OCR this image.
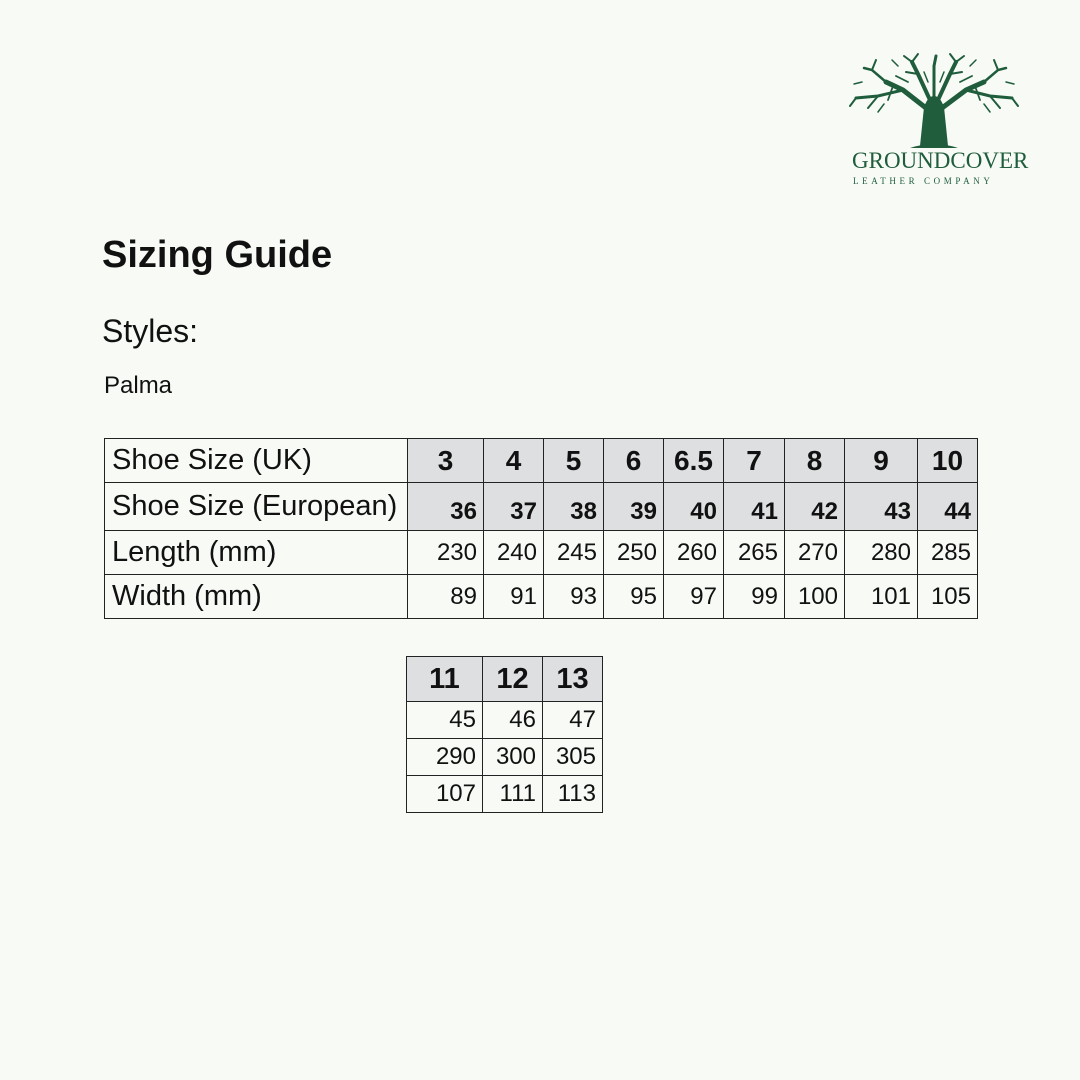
GROUNDCOVER
LEATHER COMPANY
Sizing Guide
Styles:
Palma
Shoe Size (UK)	3	4	5	6	6.5	7	8	9	10
Shoe Size (European)	36	37	38	39	40	41	42	43	44
Length (mm)	230	240	245	250	260	265	270	280	285
Width (mm)	89	91	93	95	97	99	100	101	105
11	12	13
45	46	47
290	300	305
107	111	113
